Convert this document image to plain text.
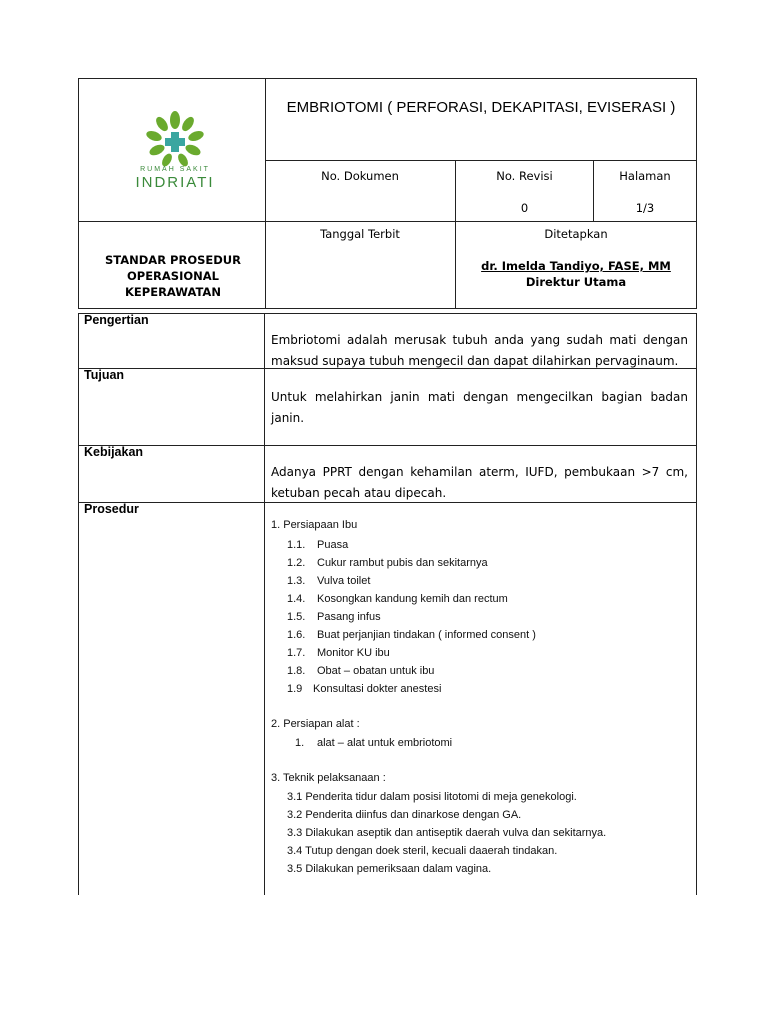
RUMAH SAKIT
INDRIATI
EMBRIOTOMI ( PERFORASI, DEKAPITASI, EVISERASI )
No. Dokumen	No. Revisi
0
Halaman
1/3
STANDAR PROSEDUR OPERASIONAL KEPERAWATAN
Tanggal Terbit	Ditetapkan
dr. Imelda Tandiyo, FASE, MM
Direktur Utama
Pengertian
Embriotomi adalah merusak tubuh anda yang sudah mati dengan maksud supaya tubuh mengecil dan dapat dilahirkan pervaginaum.
Tujuan
Untuk melahirkan janin mati dengan mengecilkan bagian badan janin.
Kebijakan
Adanya PPRT dengan kehamilan aterm, IUFD, pembukaan >7 cm, ketuban pecah atau dipecah.
Prosedur
1. Persiapaan Ibu
1.1. Puasa
1.2. Cukur rambut pubis dan sekitarnya
1.3. Vulva toilet
1.4. Kosongkan kandung kemih dan rectum
1.5. Pasang infus
1.6. Buat perjanjian tindakan ( informed consent )
1.7. Monitor KU ibu
1.8. Obat – obatan untuk ibu
1.9 Konsultasi dokter anestesi
2. Persiapan alat :
1. alat – alat untuk embriotomi
3. Teknik pelaksanaan :
3.1 Penderita tidur dalam posisi litotomi di meja genekologi.
3.2 Penderita diinfus dan dinarkose dengan GA.
3.3 Dilakukan aseptik dan antiseptik daerah vulva dan sekitarnya.
3.4 Tutup dengan doek steril, kecuali daaerah tindakan.
3.5 Dilakukan pemeriksaan dalam vagina.
